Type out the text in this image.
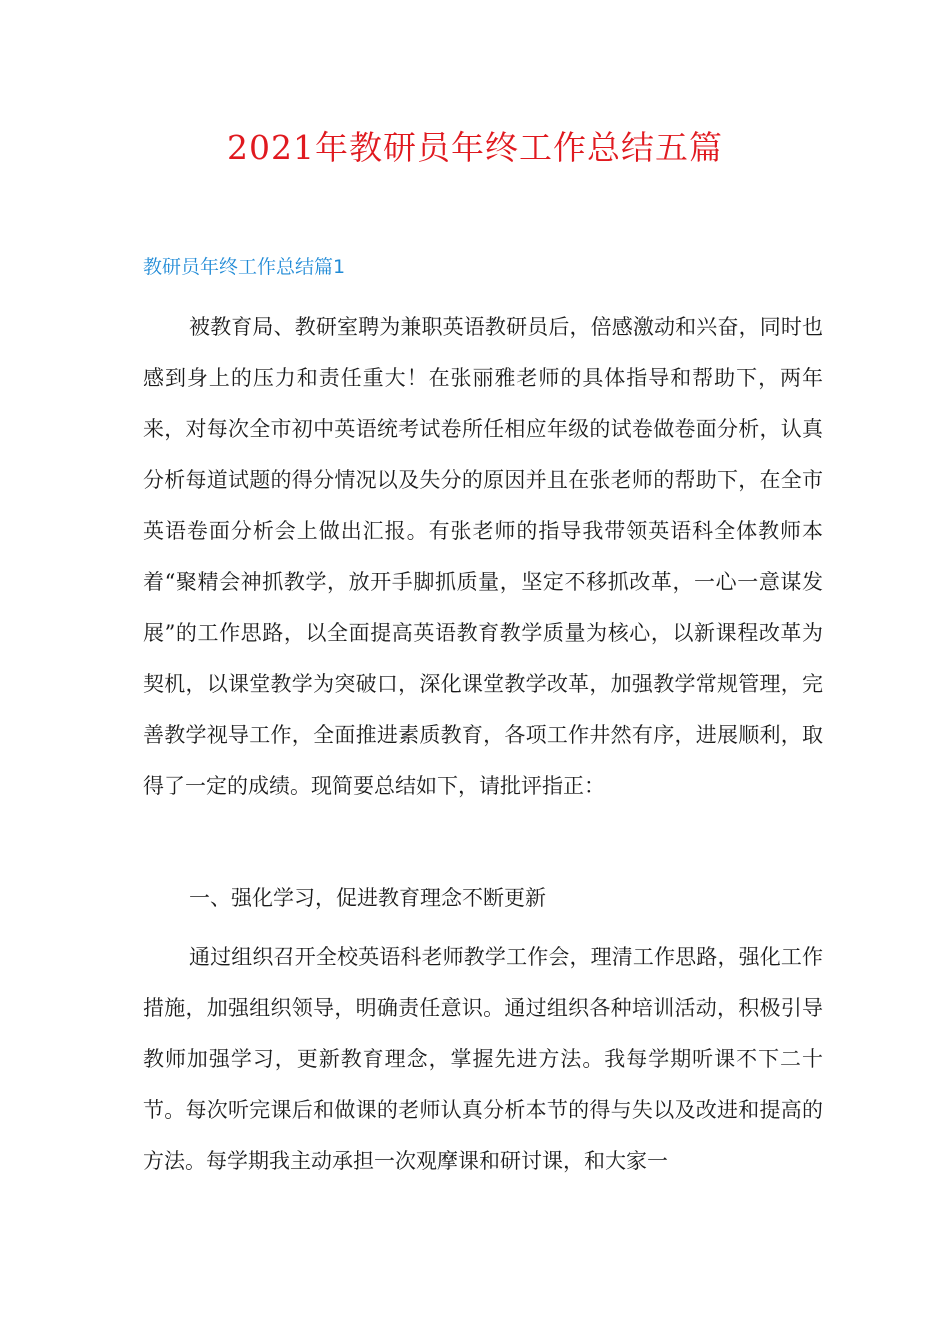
2021年教研员年终工作总结五篇
教研员年终工作总结篇1

被教育局、教研室聘为兼职英语教研员后，倍感激动和兴奋，同时也感到身上的压力和责任重大！在张丽雅老师的具体指导和帮助下，两年来，对每次全市初中英语统考试卷所任相应年级的试卷做卷面分析，认真分析每道试题的得分情况以及失分的原因并且在张老师的帮助下，在全市英语卷面分析会上做出汇报。有张老师的指导我带领英语科全体教师本着“聚精会神抓教学，放开手脚抓质量，坚定不移抓改革，一心一意谋发展”的工作思路，以全面提高英语教育教学质量为核心，以新课程改革为契机，以课堂教学为突破口，深化课堂教学改革，加强教学常规管理，完善教学视导工作，全面推进素质教育，各项工作井然有序，进展顺利，取得了一定的成绩。现简要总结如下，请批评指正：

一、强化学习，促进教育理念不断更新

通过组织召开全校英语科老师教学工作会，理清工作思路，强化工作措施，加强组织领导，明确责任意识。通过组织各种培训活动，积极引导教师加强学习，更新教育理念，掌握先进方法。我每学期听课不下二十节。每次听完课后和做课的老师认真分析本节的得与失以及改进和提高的方法。每学期我主动承担一次观摩课和研讨课，和大家一
